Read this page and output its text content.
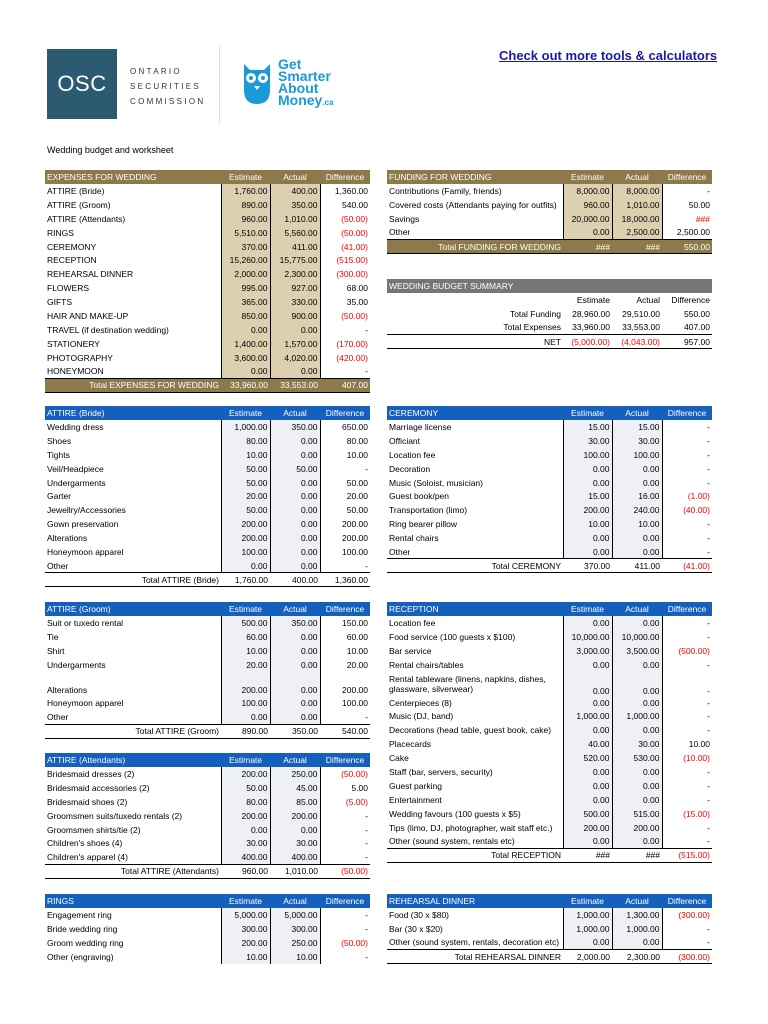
OSC	ONTARIO
SECURITIES
COMMISSION
Get
Smarter
About
Money.ca
Check out more tools & calculators
Wedding budget and worksheet
EXPENSES FOR WEDDING	Estimate	Actual	Difference
ATTIRE (Bride)	1,760.00	400.00	1,360.00
ATTIRE (Groom)	890.00	350.00	540.00
ATTIRE (Attendants)	960.00	1,010.00	(50.00)
RINGS	5,510.00	5,560.00	(50.00)
CEREMONY	370.00	411.00	(41.00)
RECEPTION	15,260.00	15,775.00	(515.00)
REHEARSAL DINNER	2,000.00	2,300.00	(300.00)
FLOWERS	995.00	927.00	68.00
GIFTS	365.00	330.00	35.00
HAIR AND MAKE-UP	850.00	900.00	(50.00)
TRAVEL (if destination wedding)	0.00	0.00	-
STATIONERY	1,400.00	1,570.00	(170.00)
PHOTOGRAPHY	3,600.00	4,020.00	(420.00)
HONEYMOON	0.00	0.00	-
Total EXPENSES FOR WEDDING	33,960.00	33,553.00	407.00
FUNDING FOR WEDDING	Estimate	Actual	Difference
Contributions (Family, friends)	8,000.00	8,000.00	-
Covered costs (Attendants paying for outfits)	960.00	1,010.00	50.00
Savings	20,000.00	18,000.00	###
Other	0.00	2,500.00	2,500.00
Total FUNDING FOR WEDDING	###	###	550.00
ATTIRE (Bride)	Estimate	Actual	Difference
Wedding dress	1,000.00	350.00	650.00
Shoes	80.00	0.00	80.00
Tights	10.00	0.00	10.00
Veil/Headpiece	50.00	50.00	-
Undergarments	50.00	0.00	50.00
Garter	20.00	0.00	20.00
Jewellry/Accessories	50.00	0.00	50.00
Gown preservation	200.00	0.00	200.00
Alterations	200.00	0.00	200.00
Honeymoon apparel	100.00	0.00	100.00
Other	0.00	0.00	-
Total ATTIRE (Bride)	1,760.00	400.00	1,360.00
CEREMONY	Estimate	Actual	Difference
Marriage license	15.00	15.00	-
Officiant	30.00	30.00	-
Location fee	100.00	100.00	-
Decoration	0.00	0.00	-
Music (Soloist, musician)	0.00	0.00	-
Guest book/pen	15.00	16.00	(1.00)
Transportation (limo)	200.00	240.00	(40.00)
Ring bearer pillow	10.00	10.00	-
Rental chairs	0.00	0.00	-
Other	0.00	0.00	-
Total CEREMONY	370.00	411.00	(41.00)
ATTIRE (Groom)	Estimate	Actual	Difference
Suit or tuxedo rental	500.00	350.00	150.00
Tie	60.00	0.00	60.00
Shirt	10.00	0.00	10.00
Undergarments	20.00	0.00	20.00

Alterations	200.00	0.00	200.00
Honeymoon apparel	100.00	0.00	100.00
Other	0.00	0.00	-
Total ATTIRE (Groom)	890.00	350.00	540.00
RECEPTION	Estimate	Actual	Difference
Location fee	0.00	0.00	-
Food service (100 guests x $100)	10,000.00	10,000.00	-
Bar service	3,000.00	3,500.00	(500.00)
Rental chairs/tables	0.00	0.00	-
Rental tableware (linens, napkins, dishes, glassware, silverwear)	0.00	0.00	-
Centerpieces (8)	0.00	0.00	-
Music (DJ, band)	1,000.00	1,000.00	-
Decorations (head table, guest book, cake)	0.00	0.00	-
Placecards	40.00	30.00	10.00
Cake	520.00	530.00	(10.00)
Staff (bar, servers, security)	0.00	0.00	-
Guest parking	0.00	0.00	-
Entertainment	0.00	0.00	-
Wedding favours (100 guests x $5)	500.00	515.00	(15.00)
Tips (limo, DJ, photographer, wait staff etc.)	200.00	200.00	-
Other (sound system, rentals etc)	0.00	0.00	-
Total RECEPTION	###	###	(515.00)
ATTIRE (Attendants)	Estimate	Actual	Difference
Bridesmaid dresses (2)	200.00	250.00	(50.00)
Bridesmaid accessories (2)	50.00	45.00	5.00
Bridesmaid shoes (2)	80.00	85.00	(5.00)
Groomsmen suits/tuxedo rentals (2)	200.00	200.00	-
Groomsmen shirts/tie (2)	0.00	0.00	-
Children's shoes (4)	30.00	30.00	-
Children's apparel (4)	400.00	400.00	-
Total ATTIRE (Attendants)	960.00	1,010.00	(50.00)
RINGS	Estimate	Actual	Difference
Engagement ring	5,000.00	5,000.00	-
Bride wedding ring	300.00	300.00	-
Groom wedding ring	200.00	250.00	(50.00)
Other (engraving)	10.00	10.00	-
REHEARSAL DINNER	Estimate	Actual	Difference
Food (30 x $80)	1,000.00	1,300.00	(300.00)
Bar (30 x $20)	1,000.00	1,000.00	-
Other (sound system, rentals, decoration etc)	0.00	0.00	-
Total REHEARSAL DINNER	2,000.00	2,300.00	(300.00)
WEDDING BUDGET SUMMARY			
	Estimate	Actual	Difference
Total Funding	28,960.00	29,510.00	550.00
Total Expenses	33,960.00	33,553.00	407.00
NET	(5,000.00)	(4,043.00)	957.00
